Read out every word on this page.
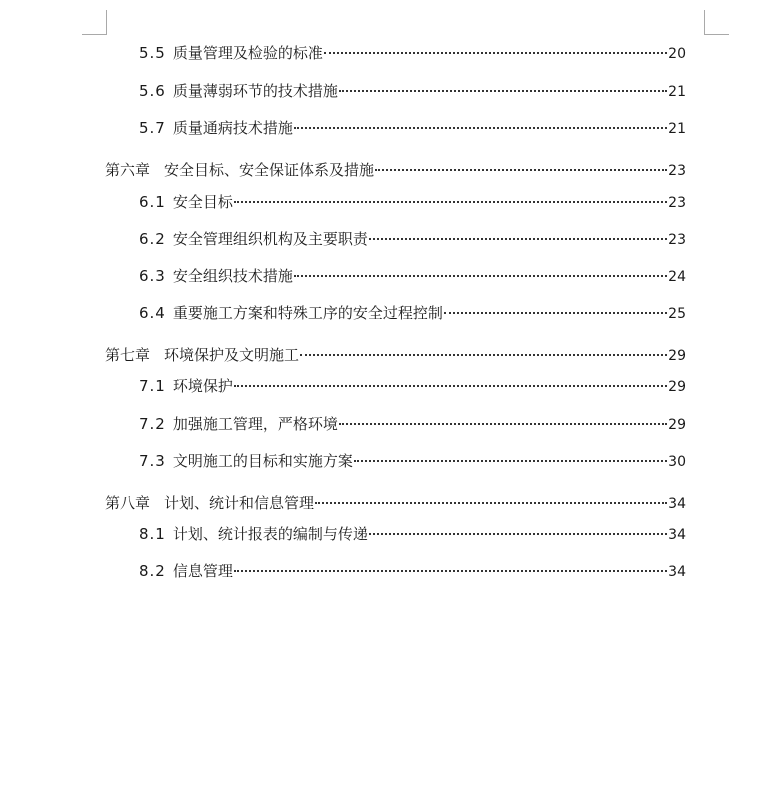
5.5 质量管理及检验的标准	20
5.6 质量薄弱环节的技术措施	21
5.7 质量通病技术措施	21
第六章 安全目标、安全保证体系及措施	23
6.1 安全目标	23
6.2 安全管理组织机构及主要职责	23
6.3 安全组织技术措施	24
6.4 重要施工方案和特殊工序的安全过程控制	25
第七章 环境保护及文明施工	29
7.1 环境保护	29
7.2 加强施工管理，严格环境	29
7.3 文明施工的目标和实施方案	30
第八章 计划、统计和信息管理	34
8.1 计划、统计报表的编制与传递	34
8.2 信息管理	34
